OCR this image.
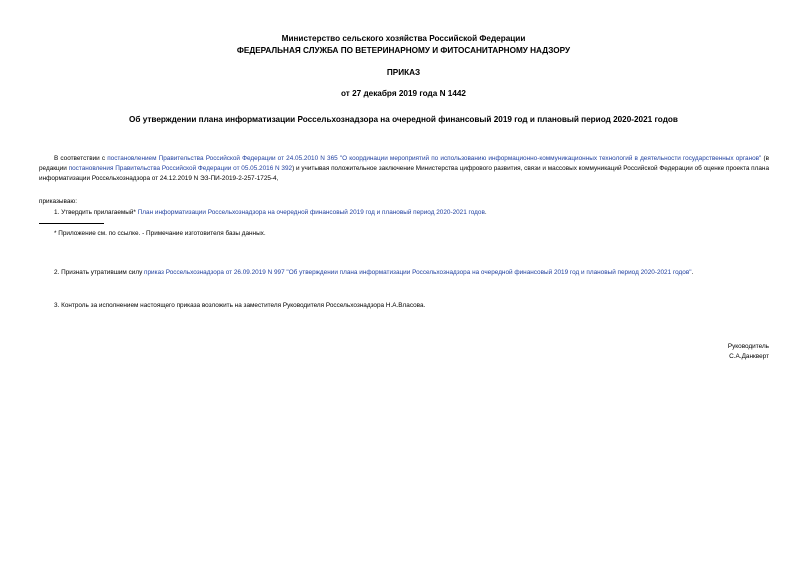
Министерство сельского хозяйства Российской Федерации
ФЕДЕРАЛЬНАЯ СЛУЖБА ПО ВЕТЕРИНАРНОМУ И ФИТОСАНИТАРНОМУ НАДЗОРУ
ПРИКАЗ
от 27 декабря 2019 года N 1442
Об утверждении плана информатизации Россельхознадзора на очередной финансовый 2019 год и плановый период 2020-2021 годов
В соответствии с постановлением Правительства Российской Федерации от 24.05.2010 N 365 "О координации мероприятий по использованию информационно-коммуникационных технологий в деятельности государственных органов" (в редакции постановления Правительства Российской Федерации от 05.05.2016 N 392) и учитывая положительное заключение Министерства цифрового развития, связи и массовых коммуникаций Российской Федерации об оценке проекта плана информатизации Россельхознадзора от 24.12.2019 N ЭЗ-ПИ-2019-2-257-1725-4,
приказываю:
1. Утвердить прилагаемый* План информатизации Россельхознадзора на очередной финансовый 2019 год и плановый период 2020-2021 годов.
* Приложение см. по ссылке. - Примечание изготовителя базы данных.
2. Признать утратившим силу приказ Россельхознадзора от 26.09.2019 N 997 "Об утверждении плана информатизации Россельхознадзора на очередной финансовый 2019 год и плановый период 2020-2021 годов".
3. Контроль за исполнением настоящего приказа возложить на заместителя Руководителя Россельхознадзора Н.А.Власова.
Руководитель
С.А.Данкверт
